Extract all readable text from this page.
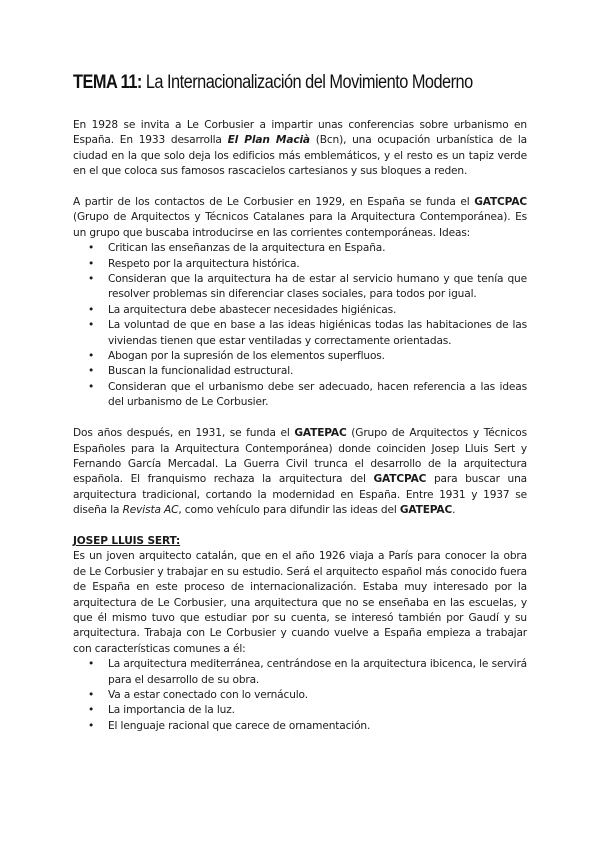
TEMA 11: La Internacionalización del Movimiento Moderno

En 1928 se invita a Le Corbusier a impartir unas conferencias sobre urbanismo en España. En 1933 desarrolla El Plan Macià (Bcn), una ocupación urbanística de la ciudad en la que solo deja los edificios más emblemáticos, y el resto es un tapiz verde en el que coloca sus famosos rascacielos cartesianos y sus bloques a reden.

A partir de los contactos de Le Corbusier en 1929, en España se funda el GATCPAC (Grupo de Arquitectos y Técnicos Catalanes para la Arquitectura Contemporánea). Es un grupo que buscaba introducirse en las corrientes contemporáneas. Ideas:

• Critican las enseñanzas de la arquitectura en España.
• Respeto por la arquitectura histórica.
• Consideran que la arquitectura ha de estar al servicio humano y que tenía que resolver problemas sin diferenciar clases sociales, para todos por igual.
• La arquitectura debe abastecer necesidades higiénicas.
• La voluntad de que en base a las ideas higiénicas todas las habitaciones de las viviendas tienen que estar ventiladas y correctamente orientadas.
• Abogan por la supresión de los elementos superfluos.
• Buscan la funcionalidad estructural.
• Consideran que el urbanismo debe ser adecuado, hacen referencia a las ideas del urbanismo de Le Corbusier.

Dos años después, en 1931, se funda el GATEPAC (Grupo de Arquitectos y Técnicos Españoles para la Arquitectura Contemporánea) donde coinciden Josep Lluis Sert y Fernando García Mercadal. La Guerra Civil trunca el desarrollo de la arquitectura española. El franquismo rechaza la arquitectura del GATCPAC para buscar una arquitectura tradicional, cortando la modernidad en España. Entre 1931 y 1937 se diseña la Revista AC, como vehículo para difundir las ideas del GATEPAC.

JOSEP LLUIS SERT:

Es un joven arquitecto catalán, que en el año 1926 viaja a París para conocer la obra de Le Corbusier y trabajar en su estudio. Será el arquitecto español más conocido fuera de España en este proceso de internacionalización. Estaba muy interesado por la arquitectura de Le Corbusier, una arquitectura que no se enseñaba en las escuelas, y que él mismo tuvo que estudiar por su cuenta, se interesó también por Gaudí y su arquitectura. Trabaja con Le Corbusier y cuando vuelve a España empieza a trabajar con características comunes a él:

• La arquitectura mediterránea, centrándose en la arquitectura ibicenca, le servirá para el desarrollo de su obra.
• Va a estar conectado con lo vernáculo.
• La importancia de la luz.
• El lenguaje racional que carece de ornamentación.
